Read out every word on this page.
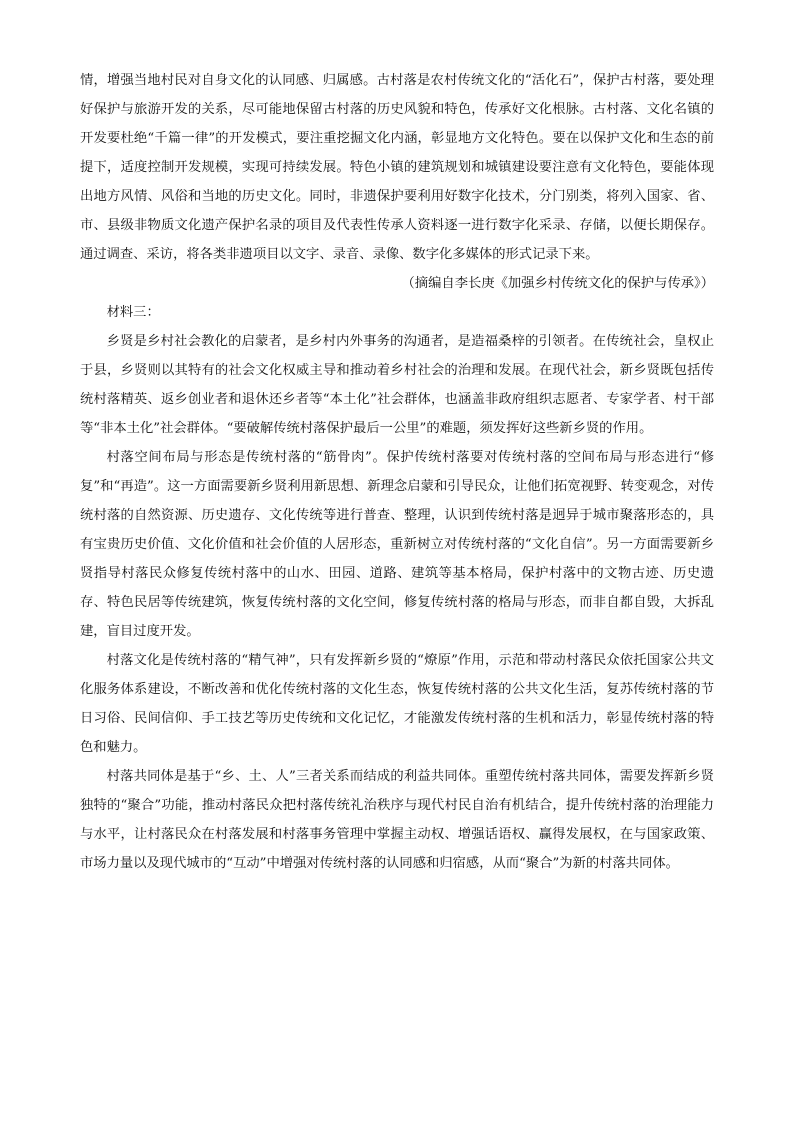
情，增强当地村民对自身文化的认同感、归属感。古村落是农村传统文化的“活化石”，保护古村落，要处理好保护与旅游开发的关系，尽可能地保留古村落的历史风貌和特色，传承好文化根脉。古村落、文化名镇的开发要杜绝“千篇一律”的开发模式，要注重挖掘文化内涵，彰显地方文化特色。要在以保护文化和生态的前提下，适度控制开发规模，实现可持续发展。特色小镇的建筑规划和城镇建设要注意有文化特色，要能体现出地方风情、风俗和当地的历史文化。同时，非遗保护要利用好数字化技术，分门别类，将列入国家、省、市、县级非物质文化遗产保护名录的项目及代表性传承人资料逐一进行数字化采录、存储，以便长期保存。通过调查、采访，将各类非遗项目以文字、录音、录像、数字化多媒体的形式记录下来。

（摘编自李长庚《加强乡村传统文化的保护与传承》）

材料三：

乡贤是乡村社会教化的启蒙者，是乡村内外事务的沟通者，是造福桑梓的引领者。在传统社会，皇权止于县，乡贤则以其特有的社会文化权威主导和推动着乡村社会的治理和发展。在现代社会，新乡贤既包括传统村落精英、返乡创业者和退休还乡者等“本土化”社会群体，也涵盖非政府组织志愿者、专家学者、村干部等“非本土化”社会群体。“要破解传统村落保护最后一公里”的难题，须发挥好这些新乡贤的作用。

村落空间布局与形态是传统村落的“筋骨肉”。保护传统村落要对传统村落的空间布局与形态进行“修复”和“再造”。这一方面需要新乡贤利用新思想、新理念启蒙和引导民众，让他们拓宽视野、转变观念，对传统村落的自然资源、历史遗存、文化传统等进行普查、整理，认识到传统村落是迥异于城市聚落形态的，具有宝贵历史价值、文化价值和社会价值的人居形态，重新树立对传统村落的“文化自信”。另一方面需要新乡贤指导村落民众修复传统村落中的山水、田园、道路、建筑等基本格局，保护村落中的文物古迹、历史遗存、特色民居等传统建筑，恢复传统村落的文化空间，修复传统村落的格局与形态，而非自都自毁，大拆乱建，盲目过度开发。

村落文化是传统村落的“精气神”，只有发挥新乡贤的“燎原”作用，示范和带动村落民众依托国家公共文化服务体系建设，不断改善和优化传统村落的文化生态，恢复传统村落的公共文化生活，复苏传统村落的节日习俗、民间信仰、手工技艺等历史传统和文化记忆，才能激发传统村落的生机和活力，彰显传统村落的特色和魅力。

村落共同体是基于“乡、土、人”三者关系而结成的利益共同体。重塑传统村落共同体，需要发挥新乡贤独特的“聚合”功能，推动村落民众把村落传统礼治秩序与现代村民自治有机结合，提升传统村落的治理能力与水平，让村落民众在村落发展和村落事务管理中掌握主动权、增强话语权、赢得发展权，在与国家政策、市场力量以及现代城市的“互动”中增强对传统村落的认同感和归宿感，从而“聚合”为新的村落共同体。
